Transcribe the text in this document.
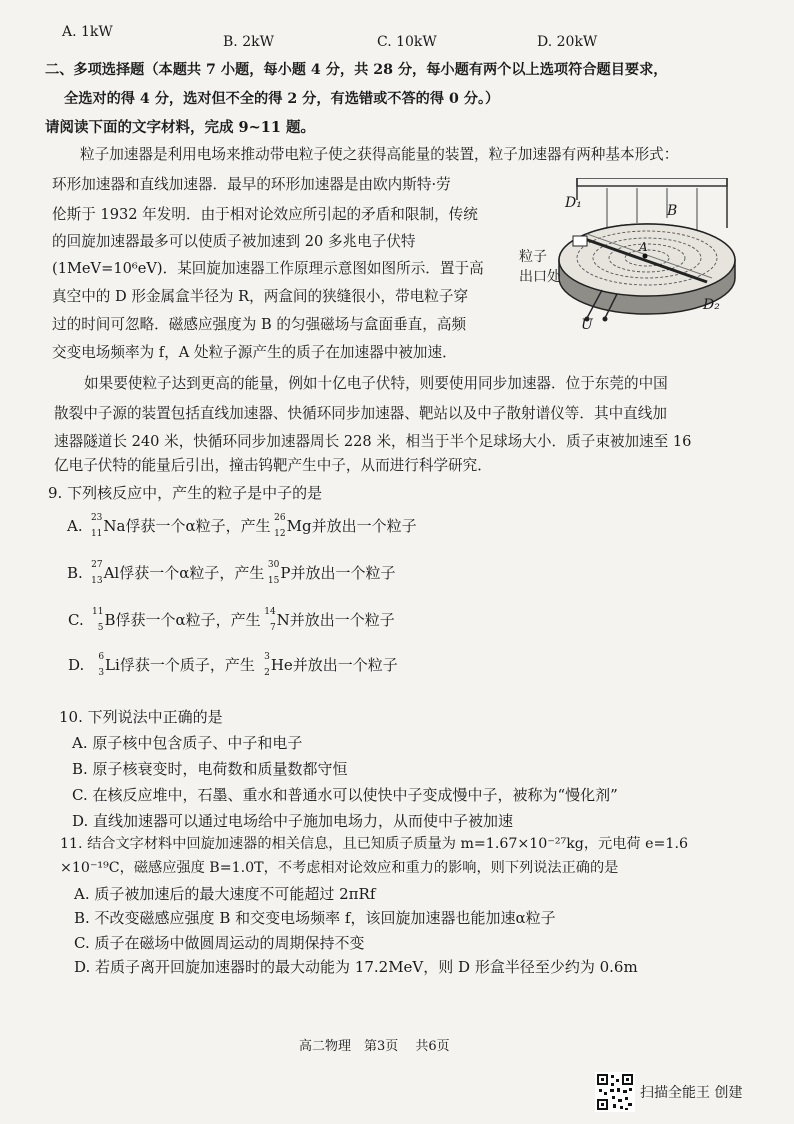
A. 1kW
B. 2kW	C. 10kW	D. 20kW
二、多项选择题（本题共 7 小题，每小题 4 分，共 28 分，每小题有两个以上选项符合题目要求，
全选对的得 4 分，选对但不全的得 2 分，有选错或不答的得 0 分。）
请阅读下面的文字材料，完成 9~11 题。
粒子加速器是利用电场来推动带电粒子使之获得高能量的装置，粒子加速器有两种基本形式：
环形加速器和直线加速器．最早的环形加速器是由欧内斯特·劳
伦斯于 1932 年发明．由于相对论效应所引起的矛盾和限制，传统
的回旋加速器最多可以使质子被加速到 20 多兆电子伏特
(1MeV=10⁶eV)．某回旋加速器工作原理示意图如图所示．置于高
真空中的 D 形金属盒半径为 R，两盒间的狭缝很小，带电粒子穿
过的时间可忽略．磁感应强度为 B 的匀强磁场与盒面垂直，高频
交变电场频率为 f，A 处粒子源产生的质子在加速器中被加速．
粒子
出口处
D₁	B
A
D₂
U
如果要使粒子达到更高的能量，例如十亿电子伏特，则要使用同步加速器．位于东莞的中国
散裂中子源的装置包括直线加速器、快循环同步加速器、靶站以及中子散射谱仪等．其中直线加
速器隧道长 240 米，快循环同步加速器周长 228 米，相当于半个足球场大小．质子束被加速至 16
亿电子伏特的能量后引出，撞击钨靶产生中子，从而进行科学研究．
9. 下列核反应中，产生的粒子是中子的是
A. 23
11 Na俘获一个α粒子，产生 26
12 Mg并放出一个粒子
B. 27
13 Al俘获一个α粒子，产生 30
15 P并放出一个粒子
C. 11
5 B俘获一个α粒子，产生 14
7 N并放出一个粒子
D. 6
3 Li俘获一个质子，产生 3
2 He并放出一个粒子
10. 下列说法中正确的是
A. 原子核中包含质子、中子和电子
B. 原子核衰变时，电荷数和质量数都守恒
C. 在核反应堆中，石墨、重水和普通水可以使快中子变成慢中子，被称为“慢化剂”
D. 直线加速器可以通过电场给中子施加电场力，从而使中子被加速
11. 结合文字材料中回旋加速器的相关信息，且已知质子质量为 m=1.67×10⁻²⁷kg，元电荷 e=1.6
×10⁻¹⁹C，磁感应强度 B=1.0T，不考虑相对论效应和重力的影响，则下列说法正确的是
A. 质子被加速后的最大速度不可能超过 2πRf
B. 不改变磁感应强度 B 和交变电场频率 f，该回旋加速器也能加速α粒子
C. 质子在磁场中做圆周运动的周期保持不变
D. 若质子离开回旋加速器时的最大动能为 17.2MeV，则 D 形盒半径至少约为 0.6m
高二物理　第3页　 共6页
扫描全能王 创建
